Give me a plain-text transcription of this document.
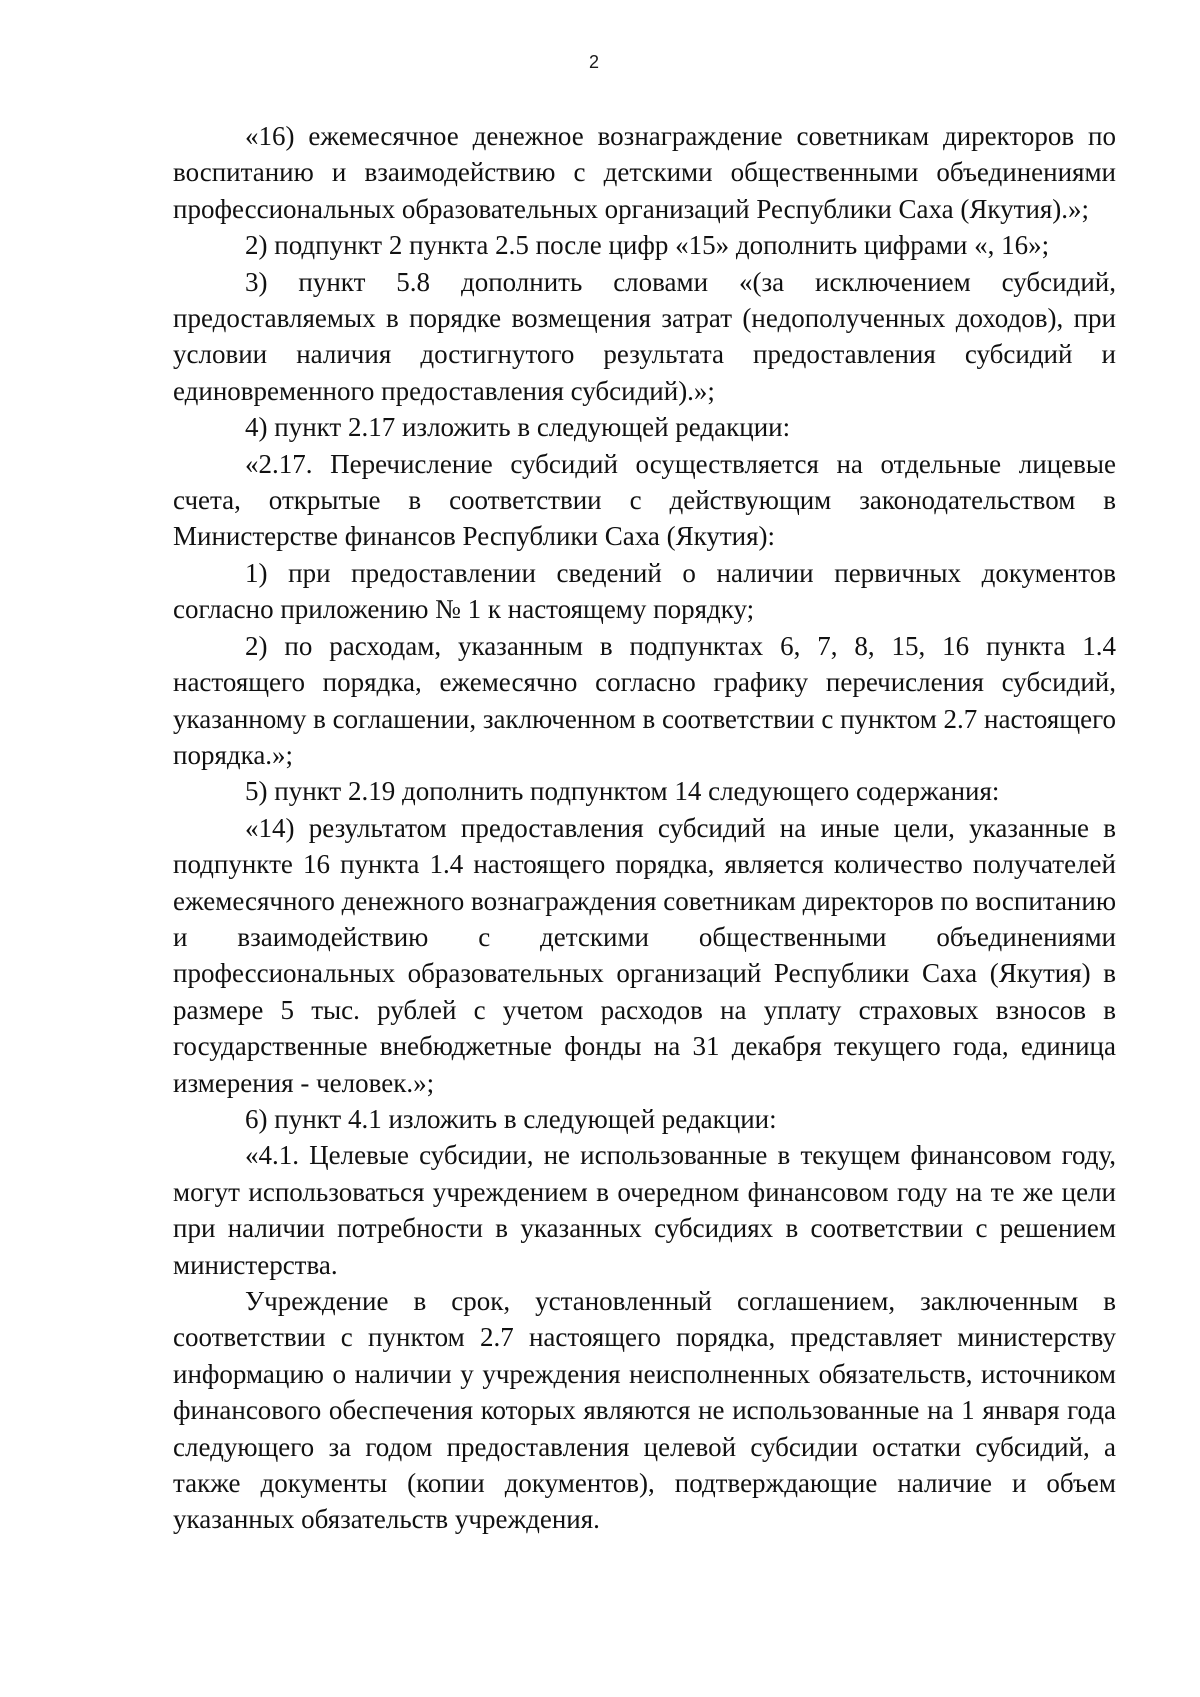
2

«16) ежемесячное денежное вознаграждение советникам директоров по воспитанию и взаимодействию с детскими общественными объединениями профессиональных образовательных организаций Республики Саха (Якутия).»;

2) подпункт 2 пункта 2.5 после цифр «15» дополнить цифрами «, 16»;

3) пункт 5.8 дополнить словами «(за исключением субсидий, предоставляемых в порядке возмещения затрат (недополученных доходов), при условии наличия достигнутого результата предоставления субсидий и единовременного предоставления субсидий).»;

4) пункт 2.17 изложить в следующей редакции:

«2.17. Перечисление субсидий осуществляется на отдельные лицевые счета, открытые в соответствии с действующим законодательством в Министерстве финансов Республики Саха (Якутия):

1) при предоставлении сведений о наличии первичных документов согласно приложению № 1 к настоящему порядку;

2) по расходам, указанным в подпунктах 6, 7, 8, 15, 16 пункта 1.4 настоящего порядка, ежемесячно согласно графику перечисления субсидий, указанному в соглашении, заключенном в соответствии с пунктом 2.7 настоящего порядка.»;

5) пункт 2.19 дополнить подпунктом 14 следующего содержания:

«14) результатом предоставления субсидий на иные цели, указанные в подпункте 16 пункта 1.4 настоящего порядка, является количество получателей ежемесячного денежного вознаграждения советникам директоров по воспитанию и взаимодействию с детскими общественными объединениями профессиональных образовательных организаций Республики Саха (Якутия) в размере 5 тыс. рублей с учетом расходов на уплату страховых взносов в государственные внебюджетные фонды на 31 декабря текущего года, единица измерения - человек.»;

6) пункт 4.1 изложить в следующей редакции:

«4.1. Целевые субсидии, не использованные в текущем финансовом году, могут использоваться учреждением в очередном финансовом году на те же цели при наличии потребности в указанных субсидиях в соответствии с решением министерства.

Учреждение в срок, установленный соглашением, заключенным в соответствии с пунктом 2.7 настоящего порядка, представляет министерству информацию о наличии у учреждения неисполненных обязательств, источником финансового обеспечения которых являются не использованные на 1 января года следующего за годом предоставления целевой субсидии остатки субсидий, а также документы (копии документов), подтверждающие наличие и объем указанных обязательств учреждения.
